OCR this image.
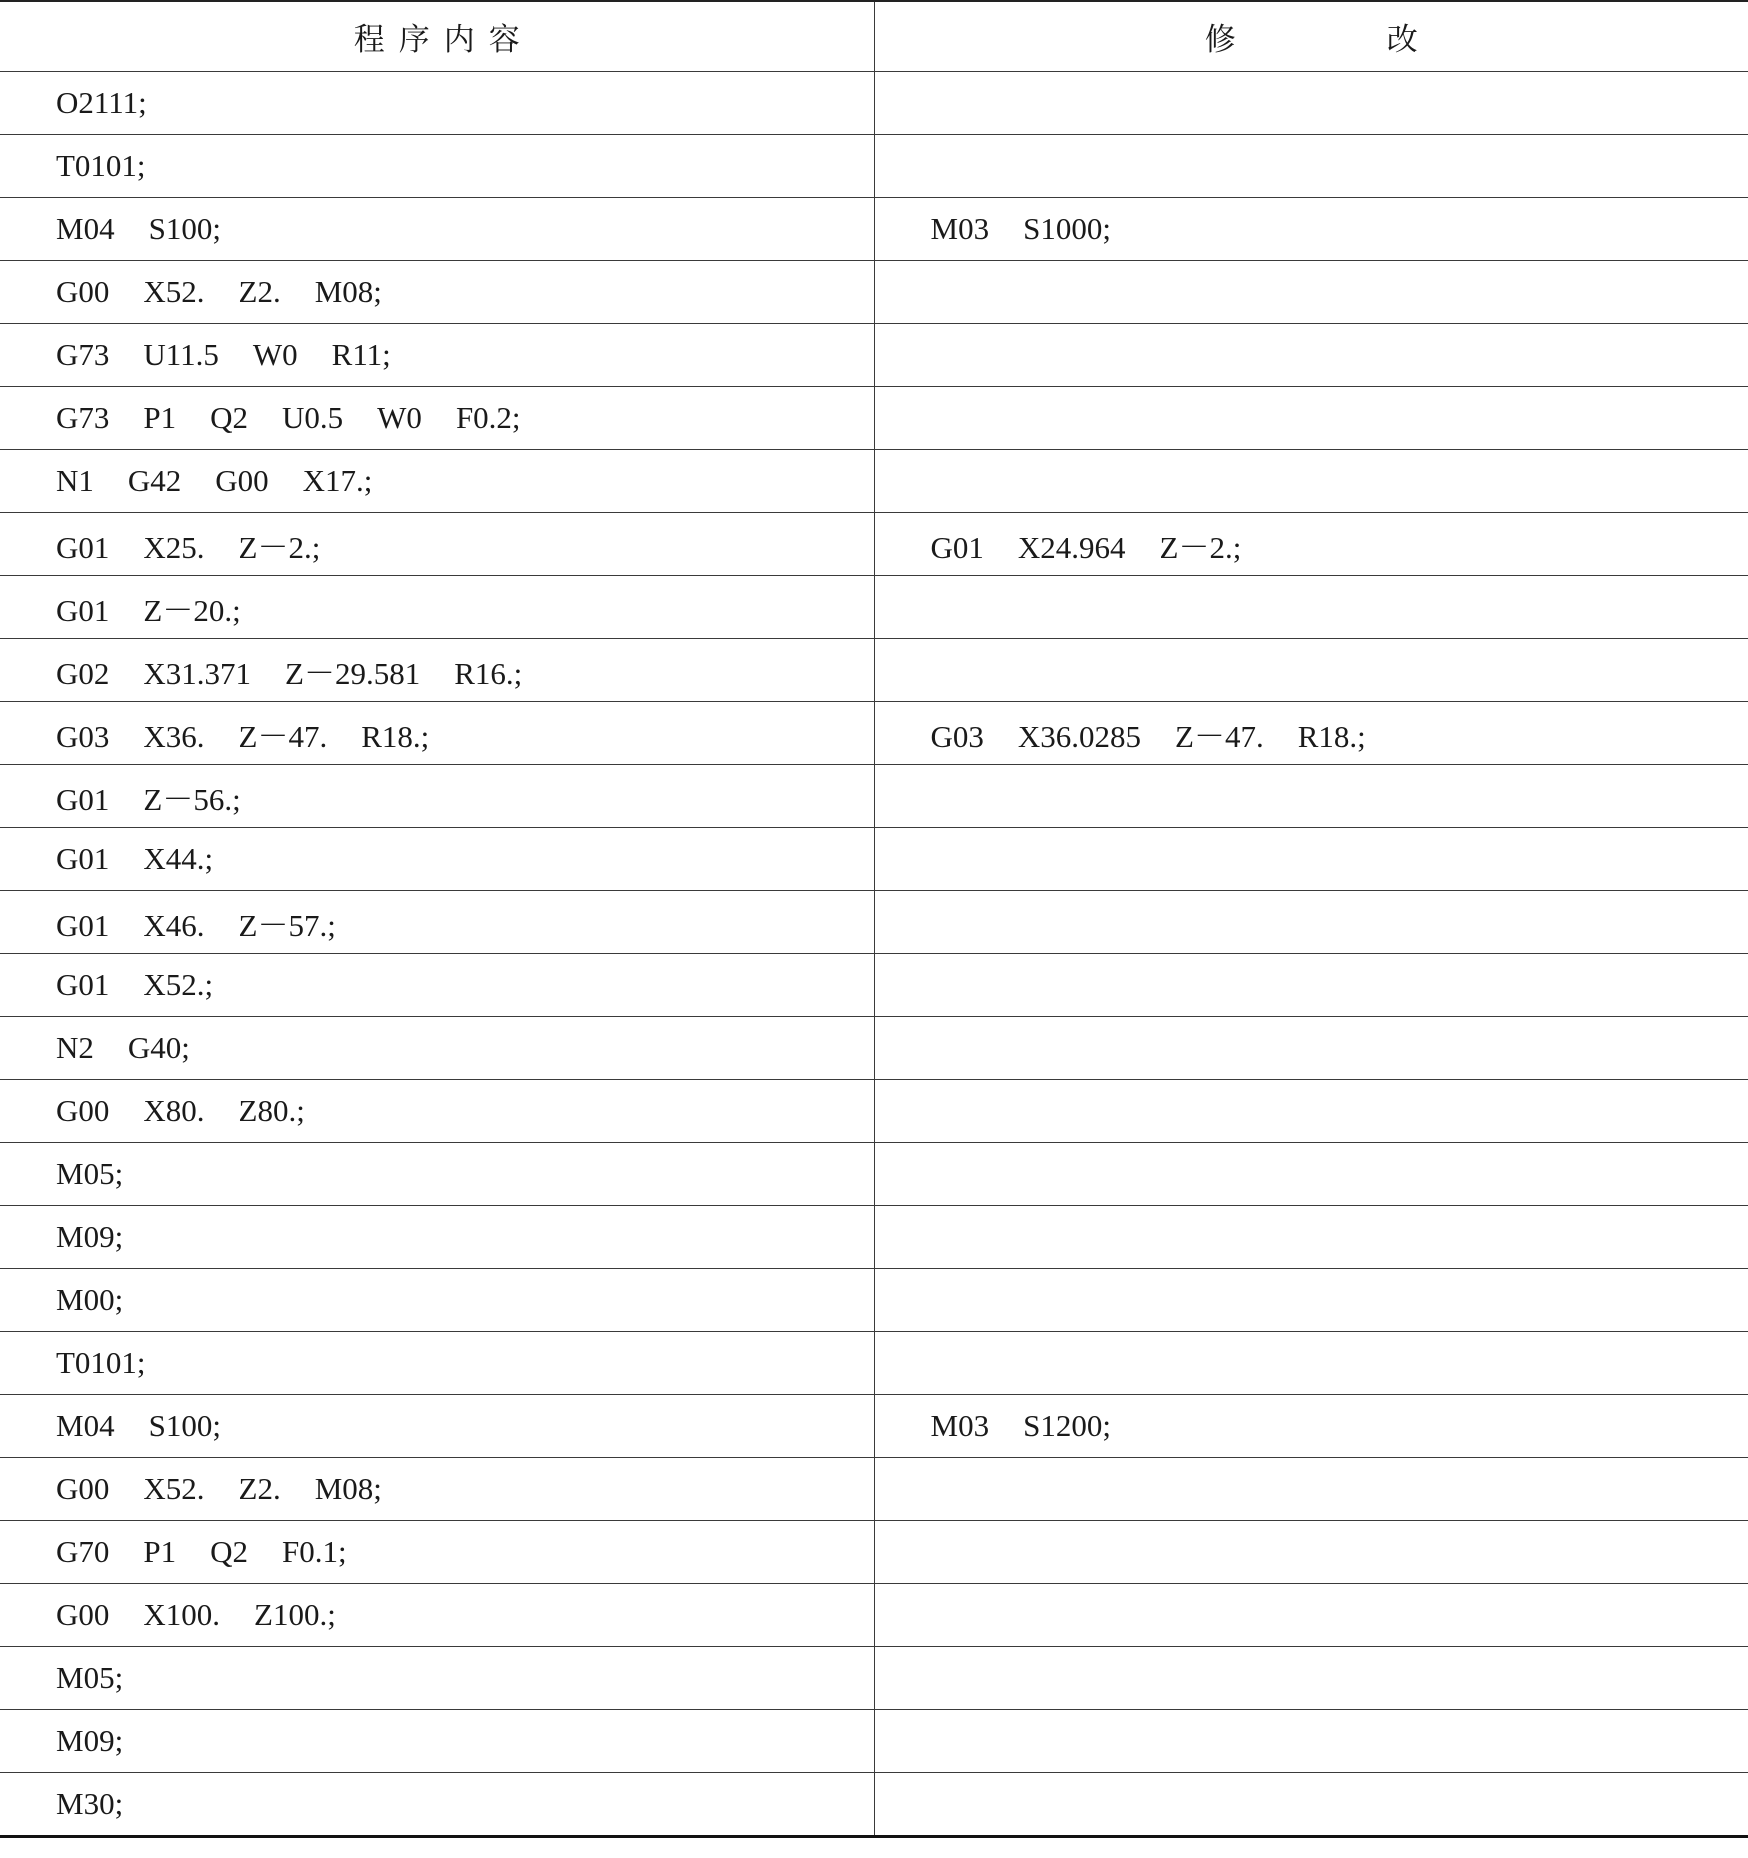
程序内容	修　改
O2111;	
T0101;	
M04 S100;	M03 S1000;
G00 X52. Z2. M08;	
G73 U11.5 W0 R11;	
G73 P1 Q2 U0.5 W0 F0.2;	
N1 G42 G00 X17.;	
G01 X25. Z－2.;	G01 X24.964 Z－2.;
G01 Z－20.;	
G02 X31.371 Z－29.581 R16.;	
G03 X36. Z－47. R18.;	G03 X36.0285 Z－47. R18.;
G01 Z－56.;	
G01 X44.;	
G01 X46. Z－57.;	
G01 X52.;	
N2 G40;	
G00 X80. Z80.;	
M05;	
M09;	
M00;	
T0101;	
M04 S100;	M03 S1200;
G00 X52. Z2. M08;	
G70 P1 Q2 F0.1;	
G00 X100. Z100.;	
M05;	
M09;	
M30;	
